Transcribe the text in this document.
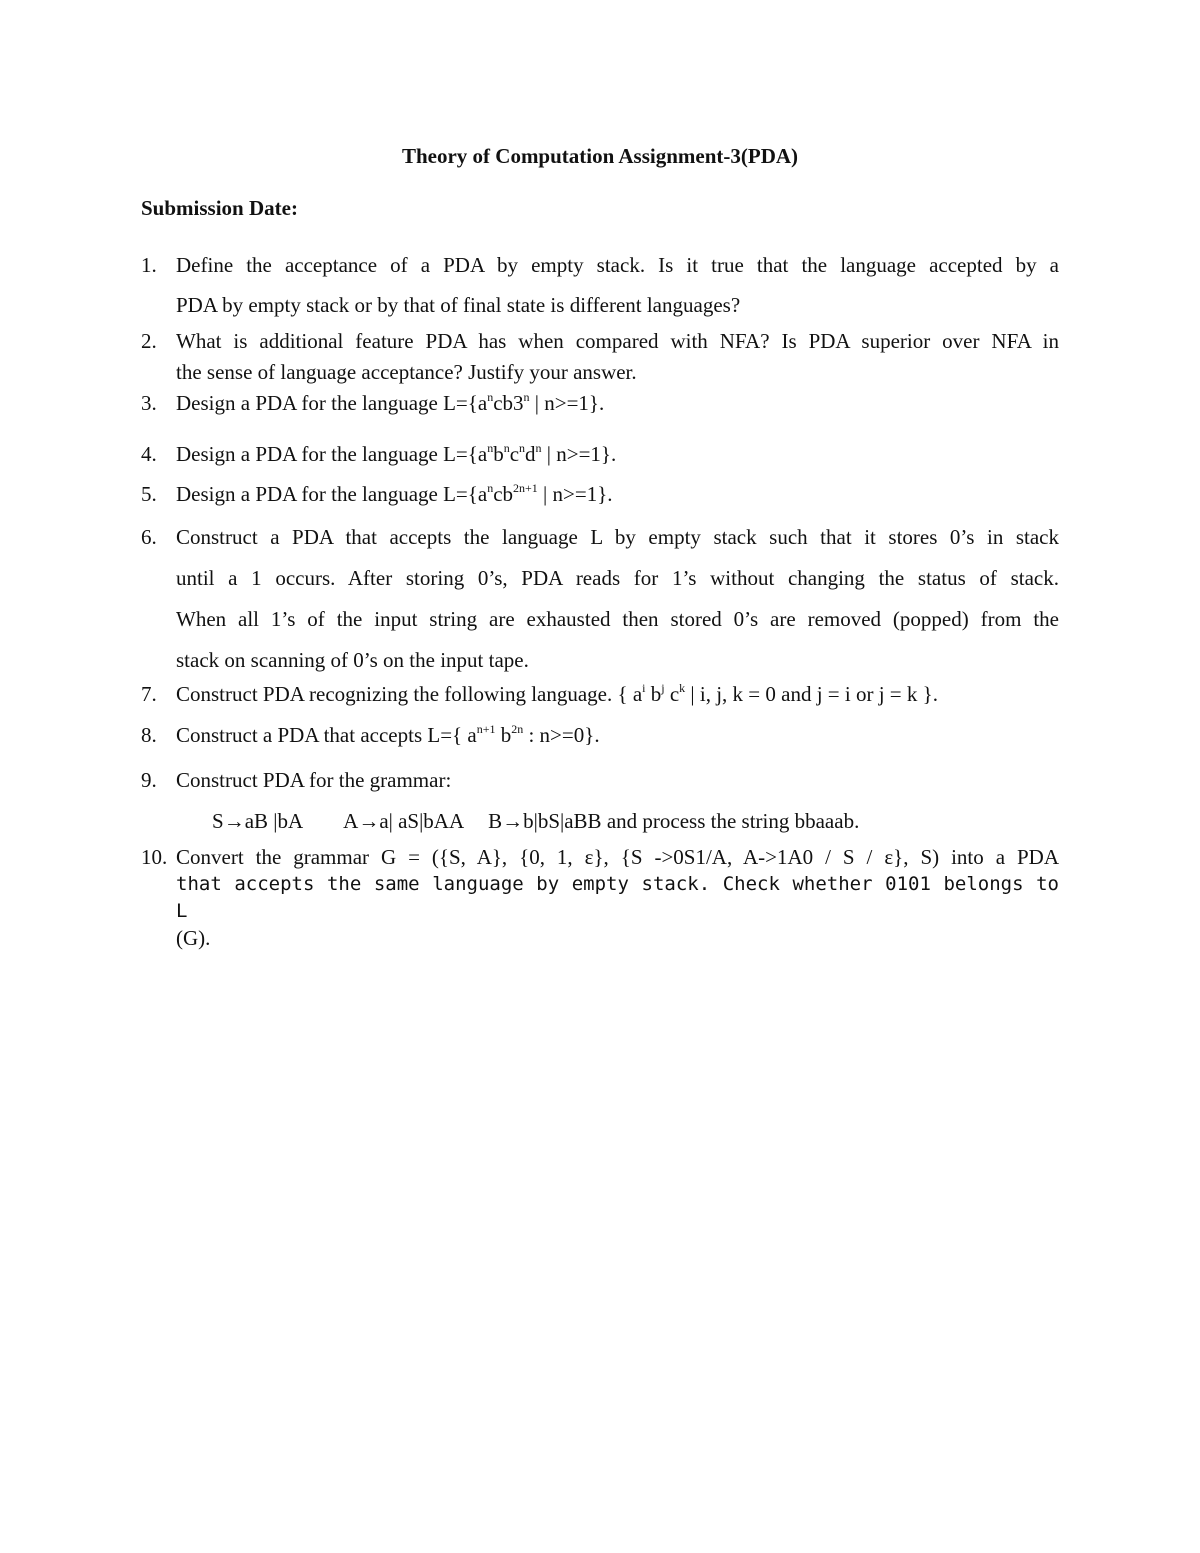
Theory of Computation Assignment-3(PDA)
Submission Date:
1. Define the acceptance of a PDA by empty stack. Is it true that the language accepted by a
PDA by empty stack or by that of final state is different languages?
2. What is additional feature PDA has when compared with NFA? Is PDA superior over NFA in
the sense of language acceptance? Justify your answer.
3. Design a PDA for the language $L=\{a^ncb3^n$ | n>=1}.
4. Design a PDA for the language $L=\{a^nb^nc^nd^n$ | n>=1}.
5. Design a PDA for the language $L=\{a^ncb^{2n+1}$ | n>=1}.
6. Construct a PDA that accepts the language L by empty stack such that it stores 0’s in stack
until a 1 occurs. After storing 0’s, PDA reads for 1’s without changing the status of stack.
When all 1’s of the input string are exhausted then stored 0’s are removed (popped) from the
stack on scanning of 0’s on the input tape.
7. Construct PDA recognizing the following language. { $a^i$ $b^j$ $c^k$ | i, j, k = 0 and j = i or j = k }.
8. Construct a PDA that accepts L={ $a^{n+1}$ $b^{2n}$ : n>=0}.
9. Construct PDA for the grammar:
S→aB |bA A→a| aS|bAA B→b|bS|aBB and process the string bbaaab.
10. Convert the grammar G = ({S, A}, {0, 1, ε}, {S ->0S1/A, A->1A0 / S / ε}, S) into a PDA
that accepts the same language by empty stack. Check whether 0101 belongs to L
(G).
